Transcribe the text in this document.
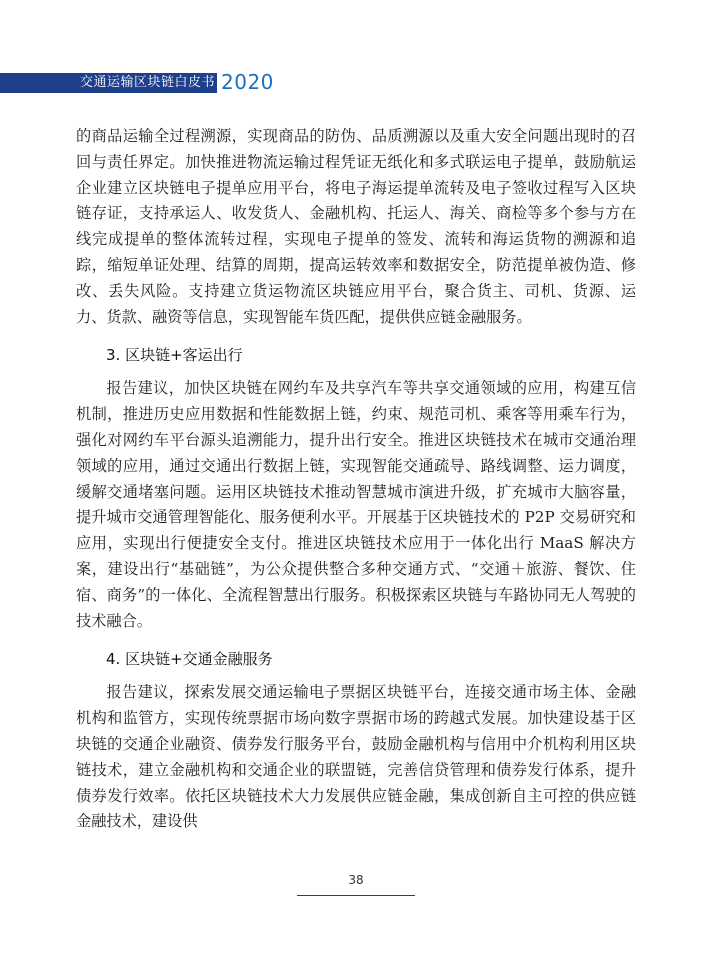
交通运输区块链白皮书 2020

的商品运输全过程溯源，实现商品的防伪、品质溯源以及重大安全问题出现时的召回与责任界定。加快推进物流运输过程凭证无纸化和多式联运电子提单，鼓励航运企业建立区块链电子提单应用平台，将电子海运提单流转及电子签收过程写入区块链存证，支持承运人、收发货人、金融机构、托运人、海关、商检等多个参与方在线完成提单的整体流转过程，实现电子提单的签发、流转和海运货物的溯源和追踪，缩短单证处理、结算的周期，提高运转效率和数据安全，防范提单被伪造、修改、丢失风险。支持建立货运物流区块链应用平台，聚合货主、司机、货源、运力、货款、融资等信息，实现智能车货匹配，提供供应链金融服务。

3. 区块链+客运出行

报告建议，加快区块链在网约车及共享汽车等共享交通领域的应用，构建互信机制，推进历史应用数据和性能数据上链，约束、规范司机、乘客等用乘车行为，强化对网约车平台源头追溯能力，提升出行安全。推进区块链技术在城市交通治理领域的应用，通过交通出行数据上链，实现智能交通疏导、路线调整、运力调度，缓解交通堵塞问题。运用区块链技术推动智慧城市演进升级，扩充城市大脑容量，提升城市交通管理智能化、服务便利水平。开展基于区块链技术的 P2P 交易研究和应用，实现出行便捷安全支付。推进区块链技术应用于一体化出行 MaaS 解决方案，建设出行“基础链”，为公众提供整合多种交通方式、“交通＋旅游、餐饮、住宿、商务”的一体化、全流程智慧出行服务。积极探索区块链与车路协同无人驾驶的技术融合。

4. 区块链+交通金融服务

报告建议，探索发展交通运输电子票据区块链平台，连接交通市场主体、金融机构和监管方，实现传统票据市场向数字票据市场的跨越式发展。加快建设基于区块链的交通企业融资、债券发行服务平台，鼓励金融机构与信用中介机构利用区块链技术，建立金融机构和交通企业的联盟链，完善信贷管理和债券发行体系，提升债券发行效率。依托区块链技术大力发展供应链金融，集成创新自主可控的供应链金融技术，建设供

38
